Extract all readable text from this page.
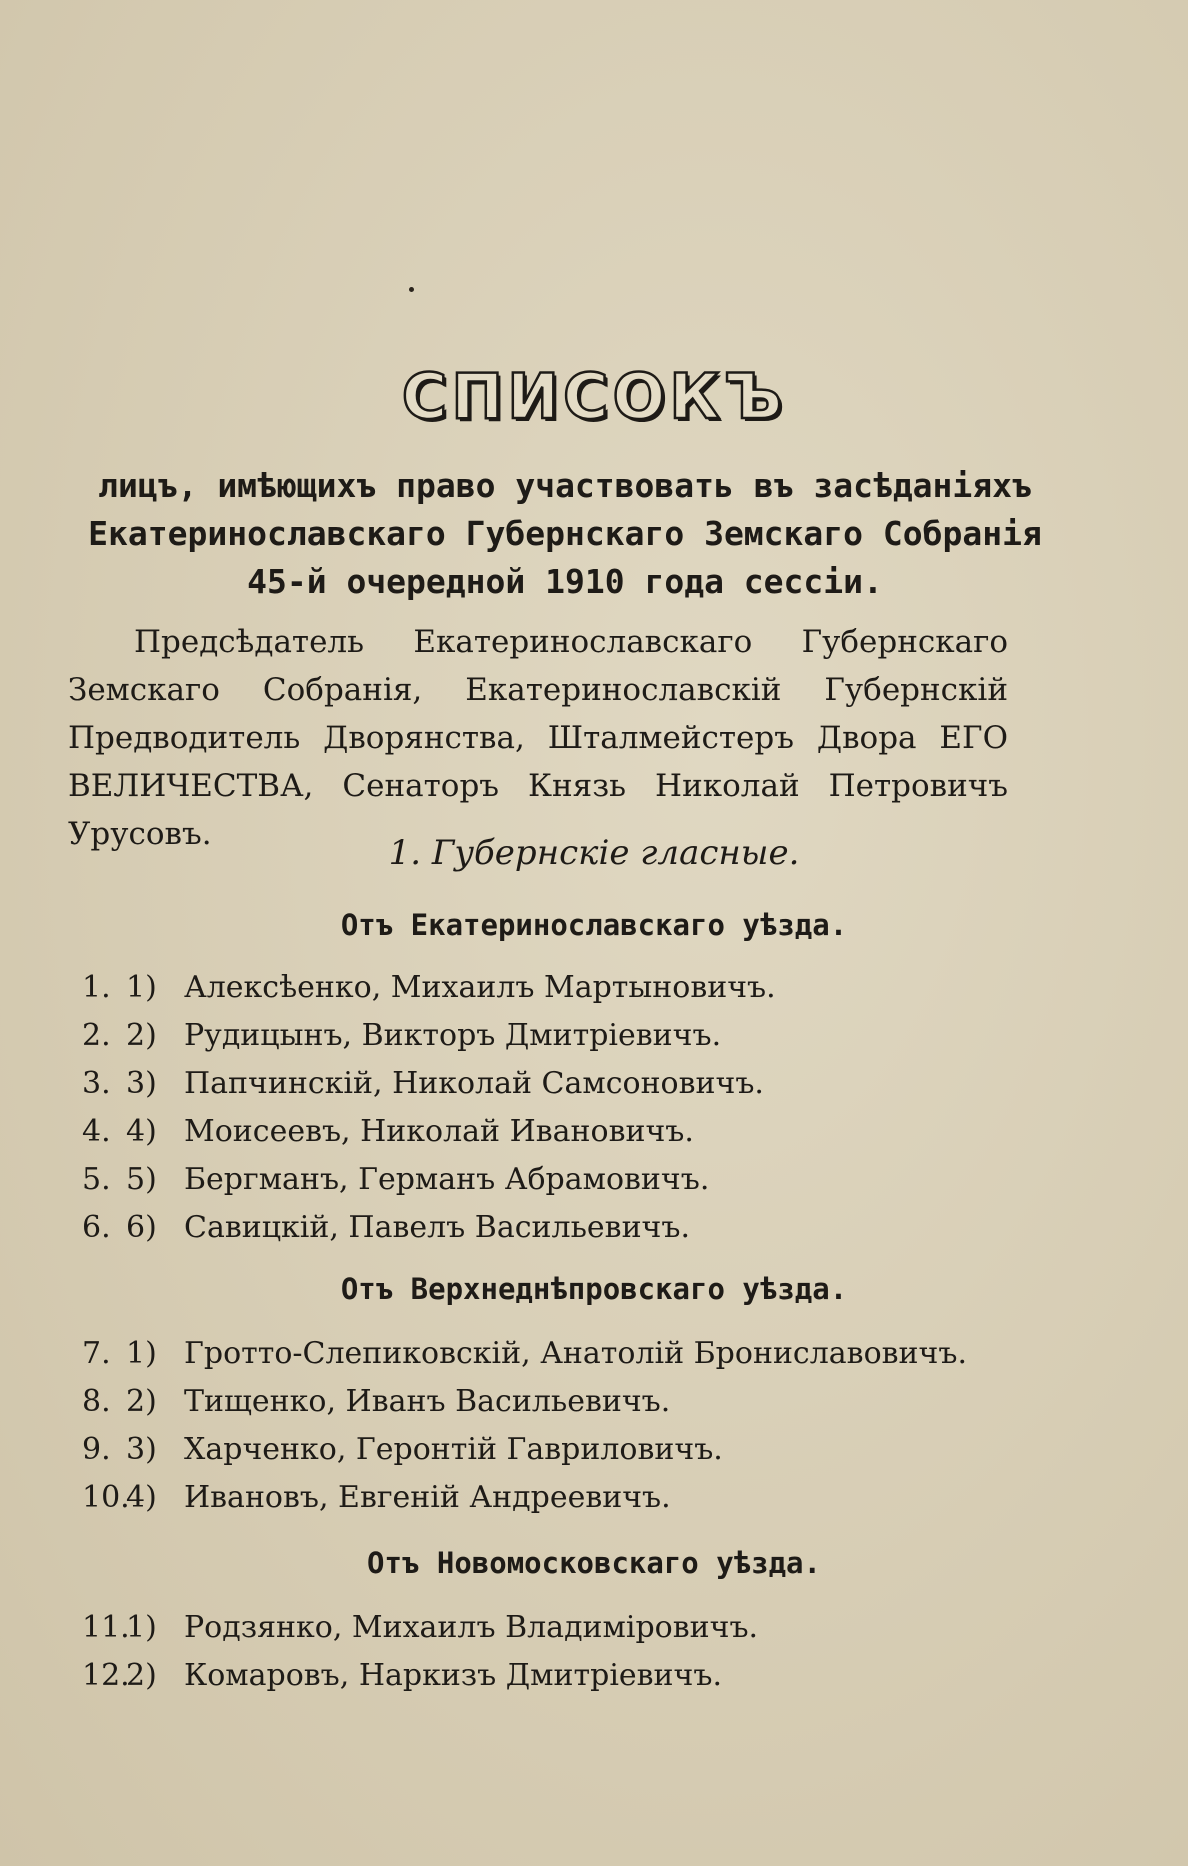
СПИСОКЪ
лицъ, имѣющихъ право участвовать въ засѣданіяхъ
Екатеринославскаго Губернскаго Земскаго Собранія
45-й очередной 1910 года сессіи.

Предсѣдатель Екатеринославскаго Губернскаго Земскаго Собранія, Екатеринославскій Губернскій Предводитель Дворянства, Шталмейстеръ Двора ЕГО ВЕЛИЧЕСТВА, Сенаторъ Князь Николай Петровичъ Урусовъ.	1. Губернскіе гласные.
Отъ Екатеринославскаго уѣзда.
1. 1) Алексѣенко, Михаилъ Мартыновичъ.
2. 2) Рудицынъ, Викторъ Дмитріевичъ.
3. 3) Папчинскій, Николай Самсоновичъ.
4. 4) Моисеевъ, Николай Ивановичъ.
5. 5) Бергманъ, Германъ Абрамовичъ.
6. 6) Савицкій, Павелъ Васильевичъ.
Отъ Верхнеднѣпровскаго уѣзда.
7. 1) Гротто-Слепиковскій, Анатолій Брониславовичъ.
8. 2) Тищенко, Иванъ Васильевичъ.
9. 3) Харченко, Геронтій Гавриловичъ.
10.4) Ивановъ, Евгеній Андреевичъ.
Отъ Новомосковскаго уѣзда.
11.1) Родзянко, Михаилъ Владиміровичъ.
12.2) Комаровъ, Наркизъ Дмитріевичъ.
